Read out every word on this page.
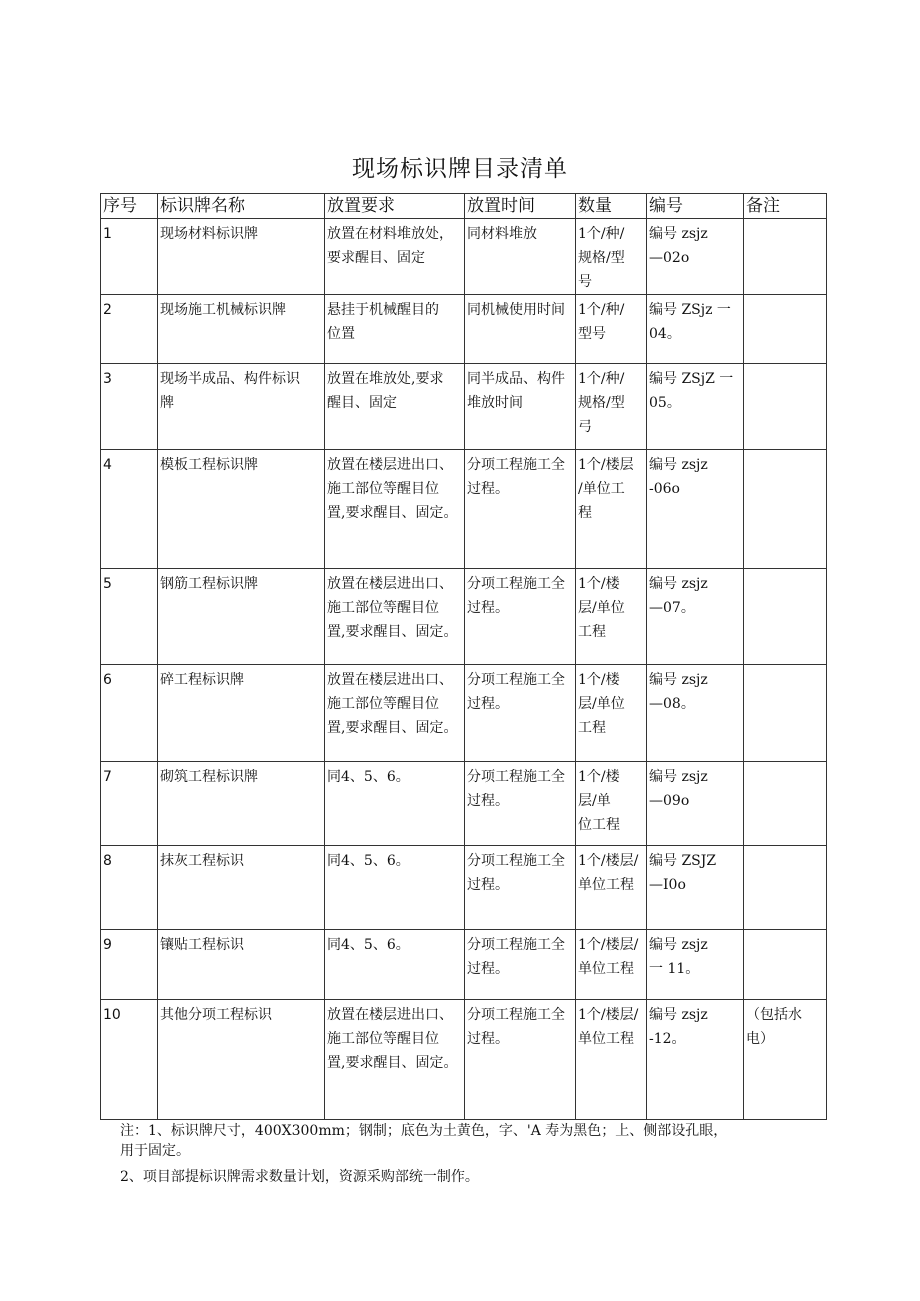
现场标识牌目录清单
序号	标识牌名称	放置要求	放置时间	数量	编号	备注
1	现场材料标识牌	放置在材料堆放处，
要求醒目、固定	同材料堆放	1个/种/
规格/型
号	编号 zsjz
—02o	

2	现场施工机械标识牌	悬挂于机械醒目的
位置	同机械使用时间	1个/种/
型号	编号 ZSjz 一
04。	

3	现场半成品、构件标识
牌	放置在堆放处,要求
醒目、固定	同半成品、构件
堆放时间	1个/种/
规格/型
弓	编号 ZSjZ 一
05。	

4	模板工程标识牌	放置在楼层进出口、
施工部位等醒目位
置,要求醒目、固定。	分项工程施工全
过程。	1个/楼层
/单位工
程	编号 zsjz
-06o	

5	钢筋工程标识牌	放置在楼层进出口、
施工部位等醒目位
置,要求醒目、固定。	分项工程施工全
过程。	1个/楼
层/单位
工程	编号 zsjz
—07。	

6	碎工程标识牌	放置在楼层进出口、
施工部位等醒目位
置,要求醒目、固定。	分项工程施工全
过程。	1个/楼
层/单位
工程	编号 zsjz
—08。	

7	砌筑工程标识牌	同4、5、6。	分项工程施工全
过程。	1个/楼
层/单
位工程	编号 zsjz
—09o	

8	抹灰工程标识	同4、5、6。	分项工程施工全
过程。	1个/楼层/
单位工程	编号 ZSJZ
—I0o	

9	镶贴工程标识	同4、5、6。	分项工程施工全
过程。	1个/楼层/
单位工程	编号 zsjz
一 11。	

10	其他分项工程标识	放置在楼层进出口、
施工部位等醒目位
置,要求醒目、固定。	分项工程施工全
过程。	1个/楼层/
单位工程	编号 zsjz
-12。	（包括水
电）
注：1、标识牌尺寸，400X300mm；钢制；底色为土黄色，字、'A 寿为黑色；上、侧部设孔眼，
用于固定。
2、项目部提标识牌需求数量计划，资源采购部统一制作。
